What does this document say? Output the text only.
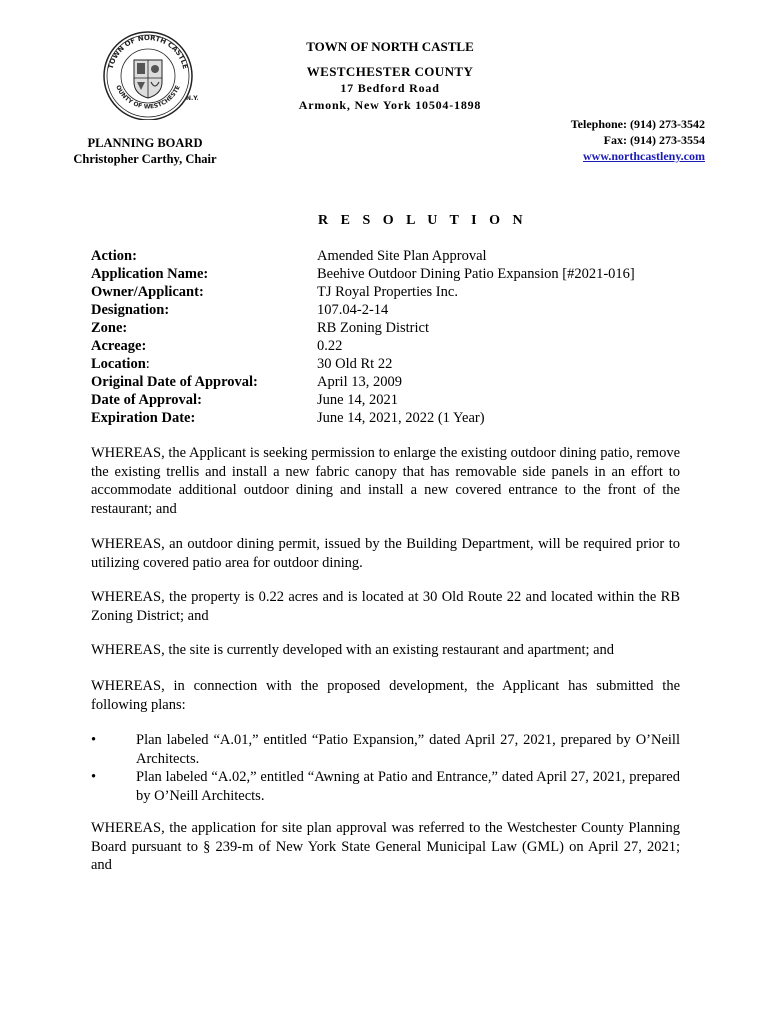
TOWN OF NORTH CASTLE
OUNTY OF WESTCHESTE
N.Y.
TOWN OF NORTH CASTLE
WESTCHESTER COUNTY
17 Bedford Road
Armonk, New York 10504-1898
Telephone: (914) 273-3542
Fax: (914) 273-3554
www.northcastleny.com
PLANNING BOARD
Christopher Carthy, Chair
R E S O L U T I O N
Action:	Amended Site Plan Approval
Application Name:	Beehive Outdoor Dining Patio Expansion [#2021-016]
Owner/Applicant:	TJ Royal Properties Inc.
Designation:	107.04-2-14
Zone:	RB Zoning District
Acreage:	0.22
Location:	30 Old Rt 22
Original Date of Approval:	April 13, 2009
Date of Approval:	June 14, 2021
Expiration Date:	June 14, 2021, 2022 (1 Year)

WHEREAS, the Applicant is seeking permission to enlarge the existing outdoor dining patio, remove the existing trellis and install a new fabric canopy that has removable side panels in an effort to accommodate additional outdoor dining and install a new covered entrance to the front of the restaurant; and

WHEREAS, an outdoor dining permit, issued by the Building Department, will be required prior to utilizing covered patio area for outdoor dining.

WHEREAS, the property is 0.22 acres and is located at 30 Old Route 22 and located within the RB Zoning District; and

WHEREAS, the site is currently developed with an existing restaurant and apartment; and

WHEREAS, in connection with the proposed development, the Applicant has submitted the following plans:

•	Plan labeled “A.01,” entitled “Patio Expansion,” dated April 27, 2021, prepared by O’Neill Architects.
•	Plan labeled “A.02,” entitled “Awning at Patio and Entrance,” dated April 27, 2021, prepared by O’Neill Architects.

WHEREAS, the application for site plan approval was referred to the Westchester County Planning Board pursuant to § 239-m of New York State General Municipal Law (GML) on April 27, 2021; and
